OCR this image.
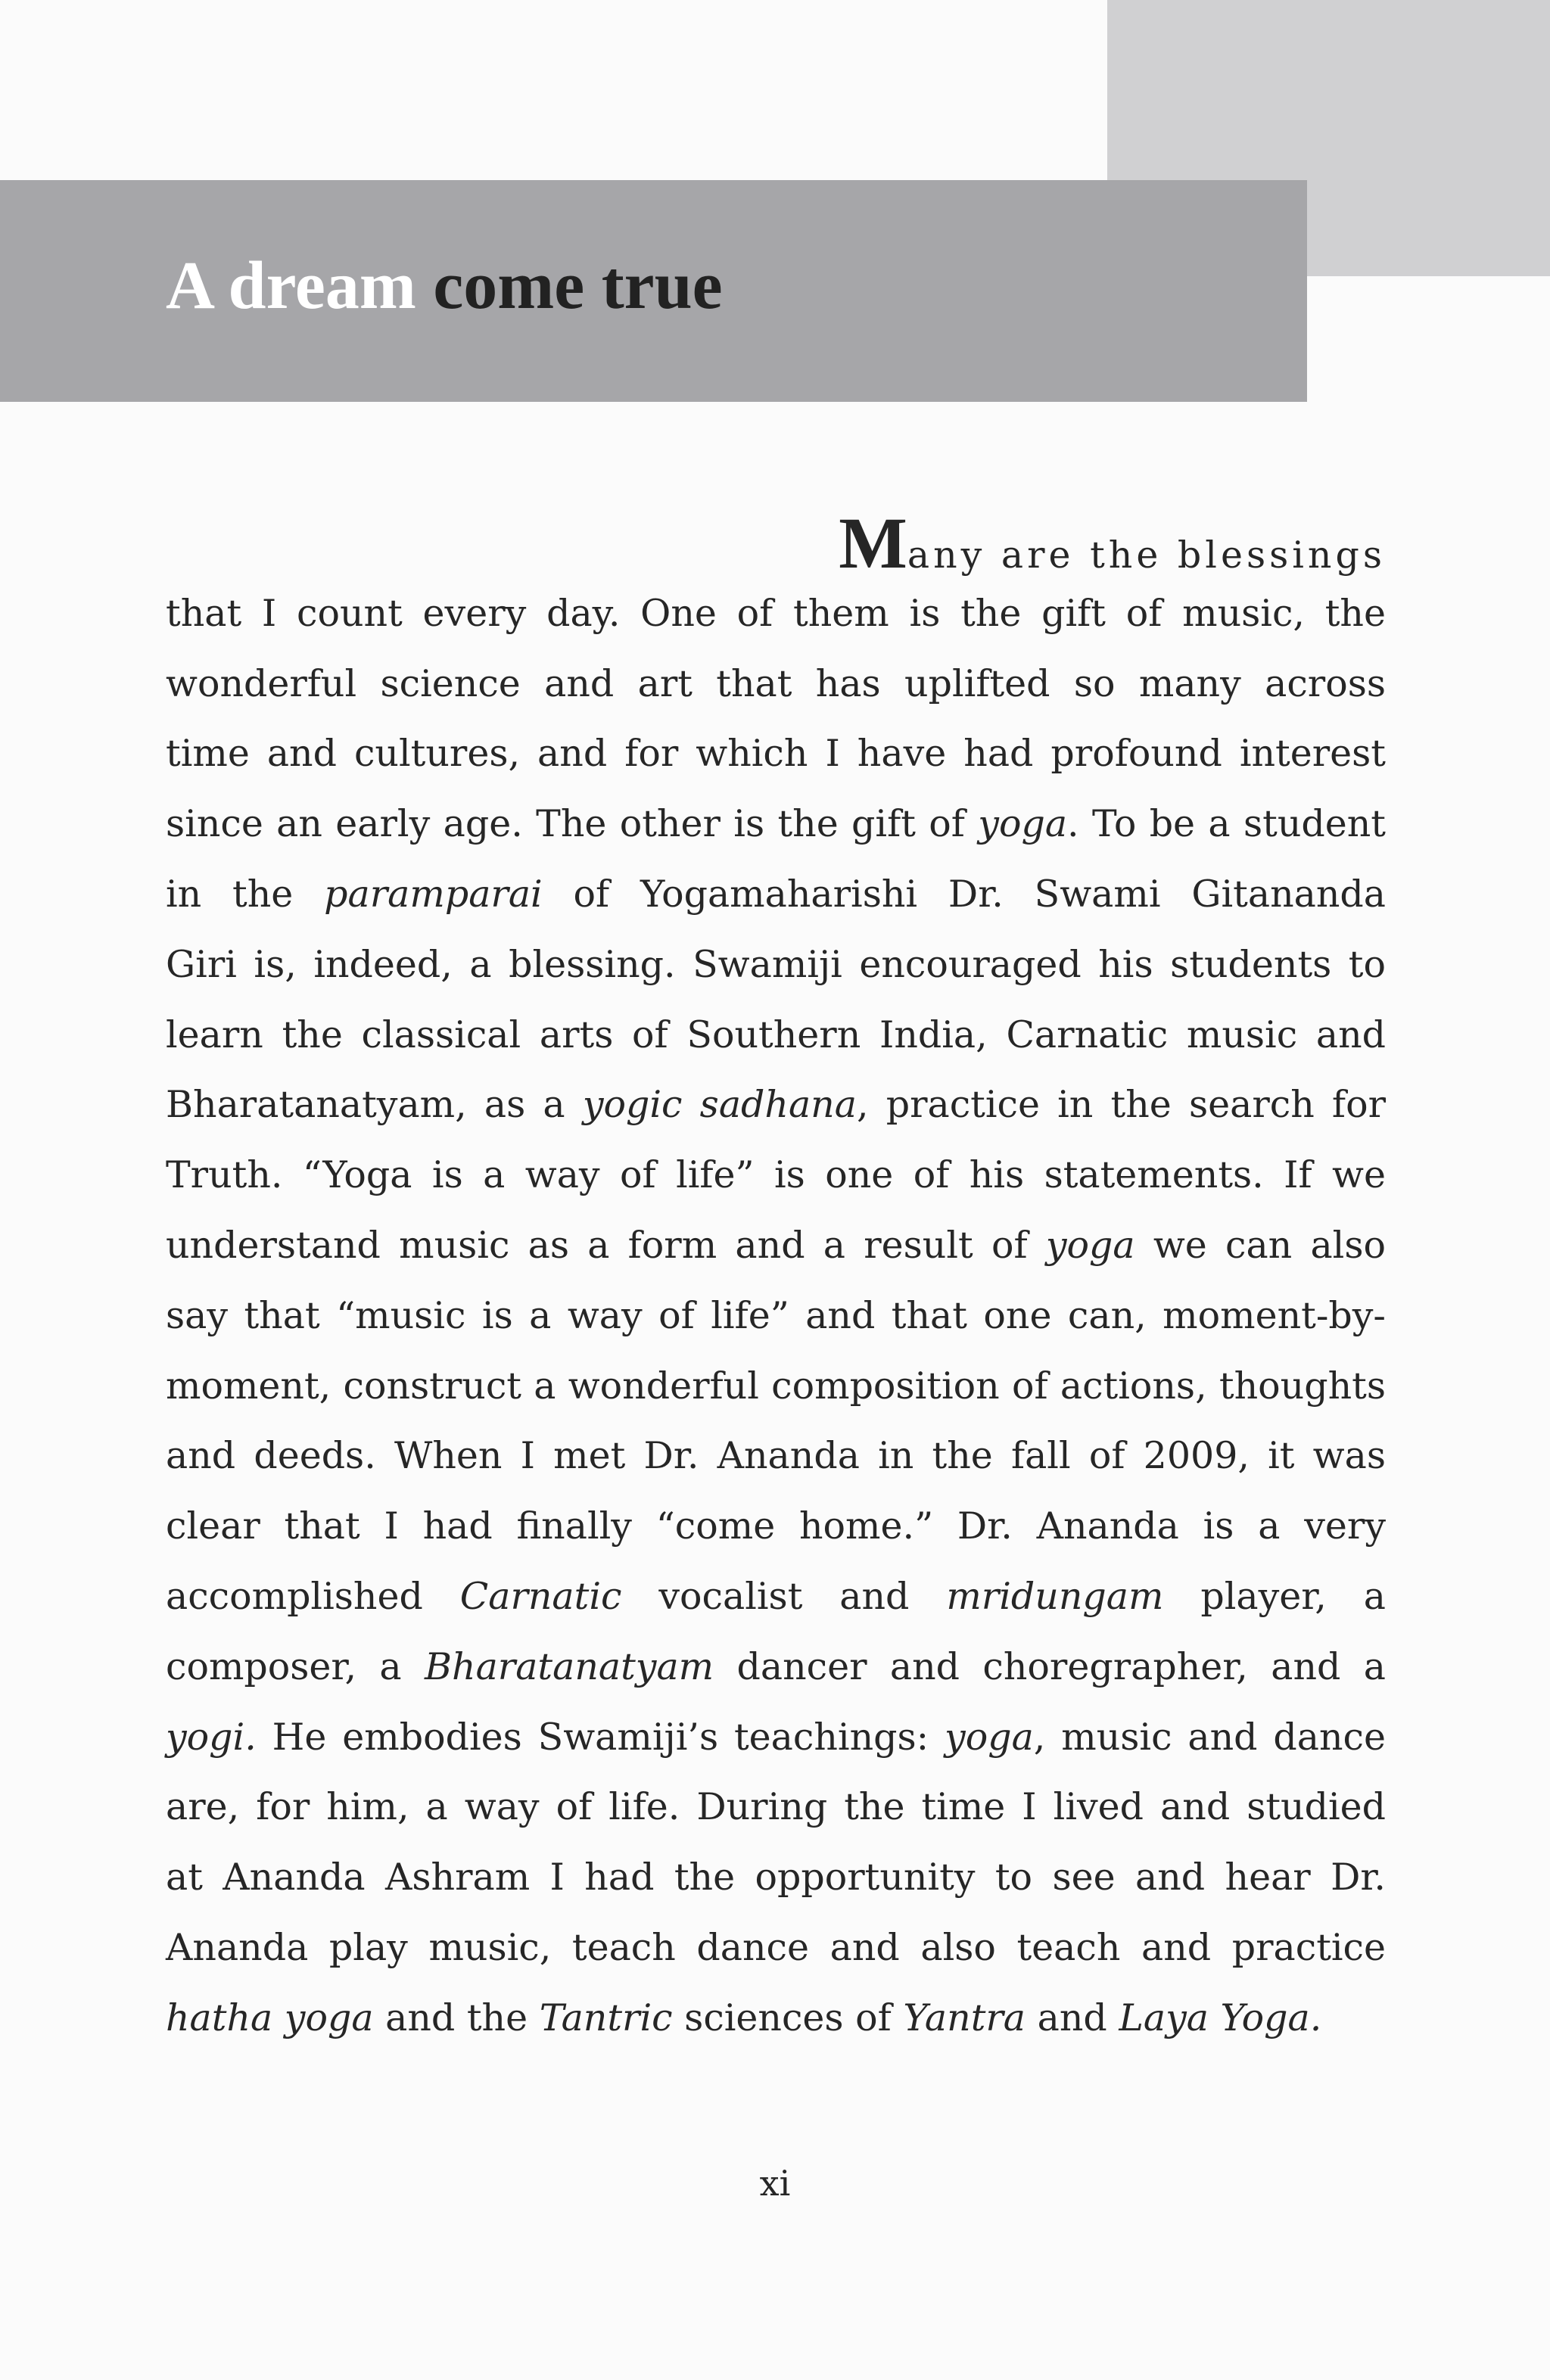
A dream come true
Many are the blessings
that I count every day. One of them is the gift of music, the
wonderful science and art that has uplifted so many across
time and cultures, and for which I have had profound interest
since an early age. The other is the gift of yoga. To be a student
in the paramparai of Yogamaharishi Dr. Swami Gitananda
Giri is, indeed, a blessing. Swamiji encouraged his students to
learn the classical arts of Southern India, Carnatic music and
Bharatanatyam, as a yogic sadhana, practice in the search for
Truth. “Yoga is a way of life” is one of his statements. If we
understand music as a form and a result of yoga we can also
say that “music is a way of life” and that one can, moment-by-
moment, construct a wonderful composition of actions, thoughts
and deeds. When I met Dr. Ananda in the fall of 2009, it was
clear that I had finally “come home.” Dr. Ananda is a very
accomplished Carnatic vocalist and mridungam player, a
composer, a Bharatanatyam dancer and choregrapher, and a
yogi. He embodies Swamiji’s teachings: yoga, music and dance
are, for him, a way of life. During the time I lived and studied
at Ananda Ashram I had the opportunity to see and hear Dr.
Ananda play music, teach dance and also teach and practice
hatha yoga and the Tantric sciences of Yantra and Laya Yoga.
xi
